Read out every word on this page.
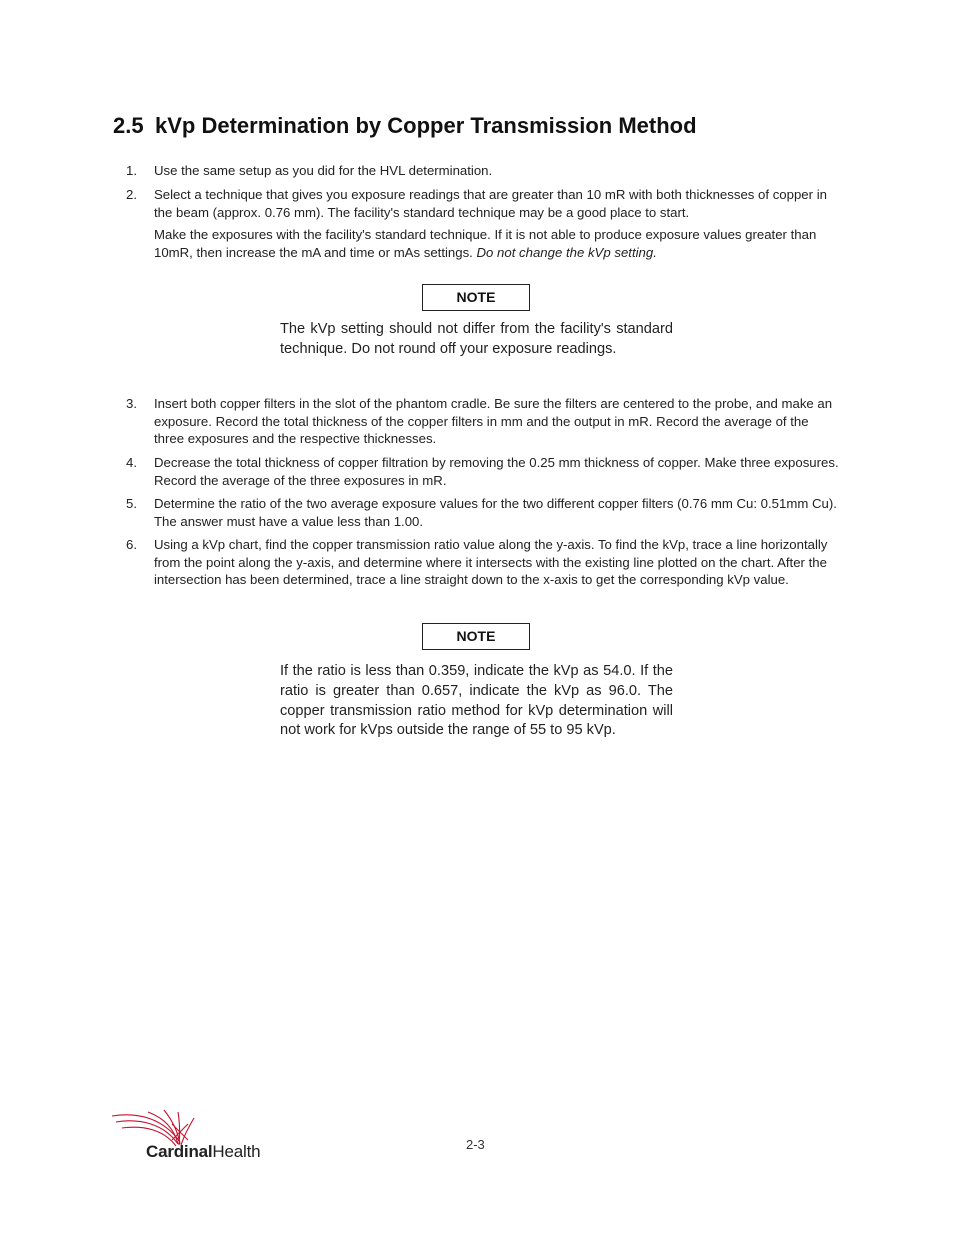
2.5 kVp Determination by Copper Transmission Method
1.	Use the same setup as you did for the HVL determination.
2.	Select a technique that gives you exposure readings that are greater than 10 mR with both thicknesses of copper in the beam (approx. 0.76 mm). The facility's standard technique may be a good place to start.
Make the exposures with the facility's standard technique. If it is not able to produce exposure values greater than 10mR, then increase the mA and time or mAs settings. Do not change the kVp setting.
NOTE
The kVp setting should not differ from the facility's standard technique. Do not round off your exposure readings.
3.	Insert both copper filters in the slot of the phantom cradle. Be sure the filters are centered to the probe, and make an exposure. Record the total thickness of the copper filters in mm and the output in mR. Record the average of the three exposures and the respective thicknesses.
4.	Decrease the total thickness of copper filtration by removing the 0.25 mm thickness of copper. Make three exposures. Record the average of the three exposures in mR.
5.	Determine the ratio of the two average exposure values for the two different copper filters (0.76 mm Cu: 0.51mm Cu). The answer must have a value less than 1.00.
6.	Using a kVp chart, find the copper transmission ratio value along the y-axis. To find the kVp, trace a line horizontally from the point along the y-axis, and determine where it intersects with the existing line plotted on the chart. After the intersection has been determined, trace a line straight down to the x-axis to get the corresponding kVp value.
NOTE
If the ratio is less than 0.359, indicate the kVp as 54.0. If the ratio is greater than 0.657, indicate the kVp as 96.0. The copper transmission ratio method for kVp determination will not work for kVps outside the range of 55 to 95 kVp.
CardinalHealth	2-3
